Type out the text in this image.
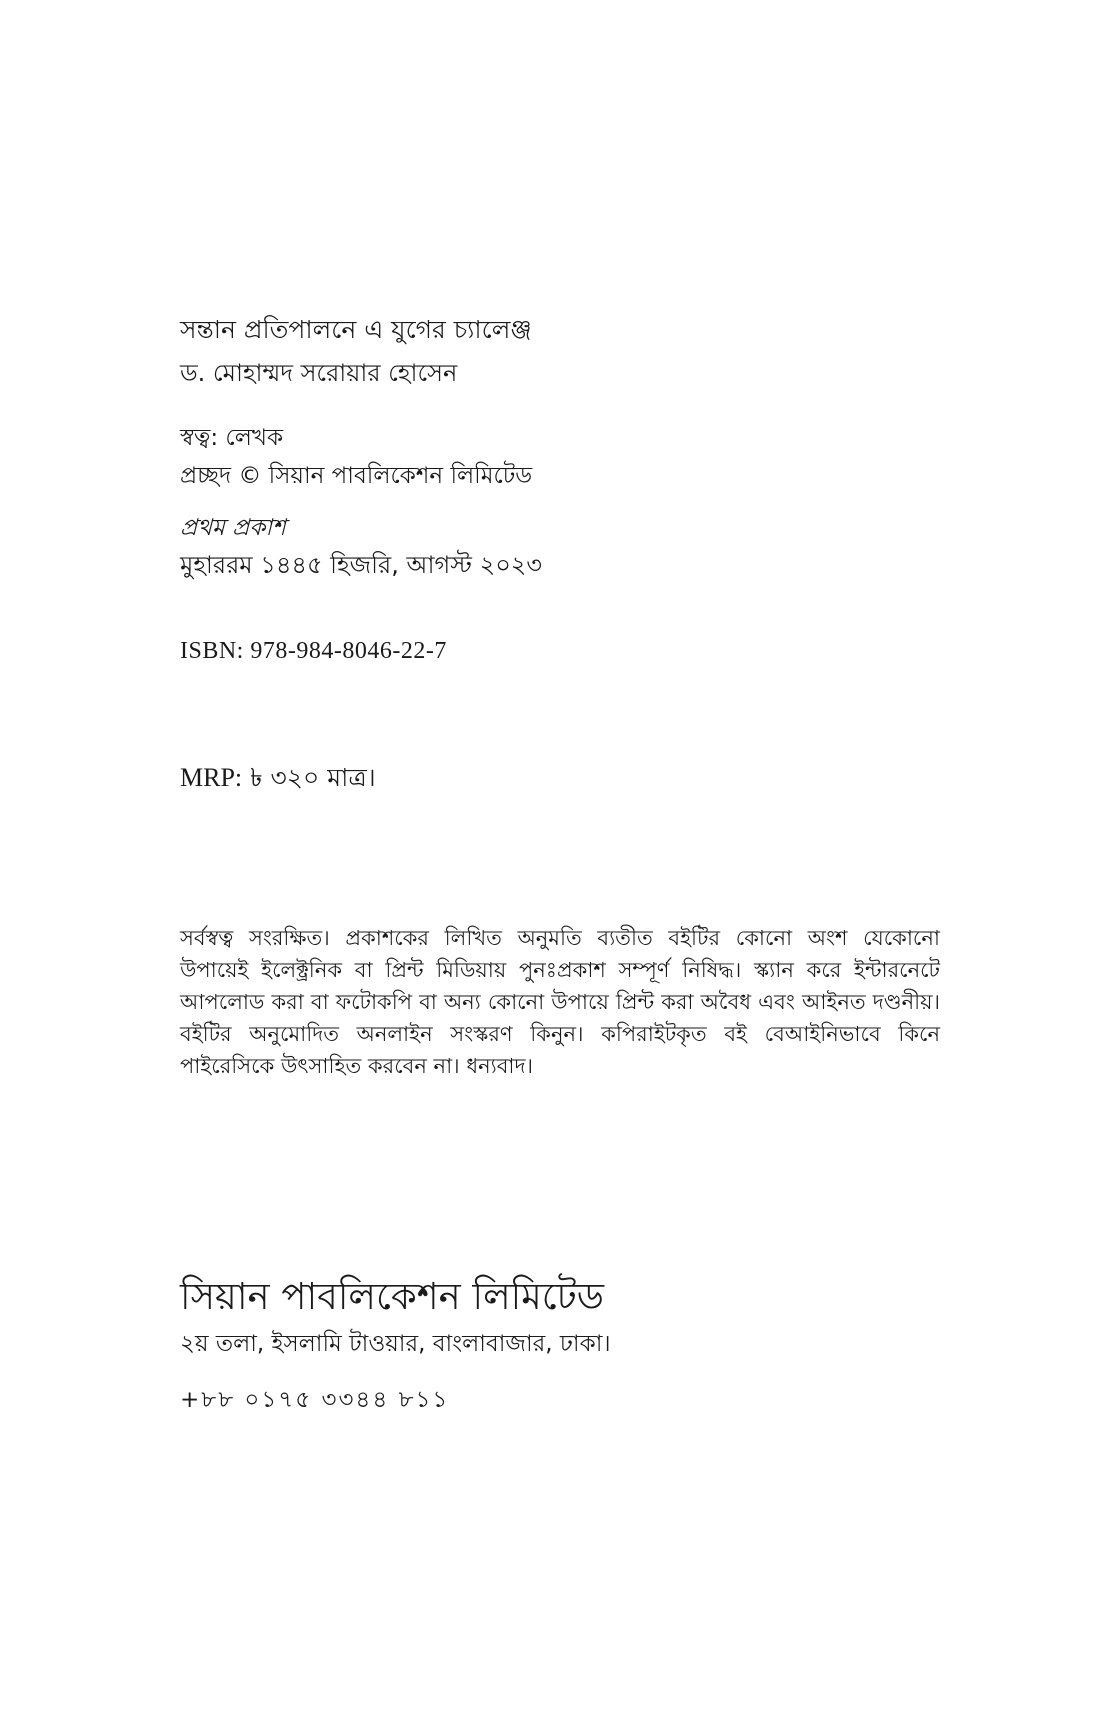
সন্তান প্রতিপালনে এ যুগের চ্যালেঞ্জ
ড. মোহাম্মদ সরোয়ার হোসেন
স্বত্ব: লেখক
প্রচ্ছদ © সিয়ান পাবলিকেশন লিমিটেড
প্রথম প্রকাশ
মুহাররম ১৪৪৫ হিজরি, আগস্ট ২০২৩
ISBN: 978-984-8046-22-7
MRP: ৳ ৩২০ মাত্র।
সর্বস্বত্ব সংরক্ষিত। প্রকাশকের লিখিত অনুমতি ব্যতীত বইটির কোনো অংশ যেকোনো
উপায়েই ইলেক্ট্রনিক বা প্রিন্ট মিডিয়ায় পুনঃপ্রকাশ সম্পূর্ণ নিষিদ্ধ। স্ক্যান করে ইন্টারনেটে
আপলোড করা বা ফটোকপি বা অন্য কোনো উপায়ে প্রিন্ট করা অবৈধ এবং আইনত দণ্ডনীয়।
বইটির অনুমোদিত অনলাইন সংস্করণ কিনুন। কপিরাইটকৃত বই বেআইনিভাবে কিনে
পাইরেসিকে উৎসাহিত করবেন না। ধন্যবাদ।
সিয়ান পাবলিকেশন লিমিটেড
২য় তলা, ইসলামি টাওয়ার, বাংলাবাজার, ঢাকা।
+৮৮ ০১৭৫ ৩৩৪৪ ৮১১
